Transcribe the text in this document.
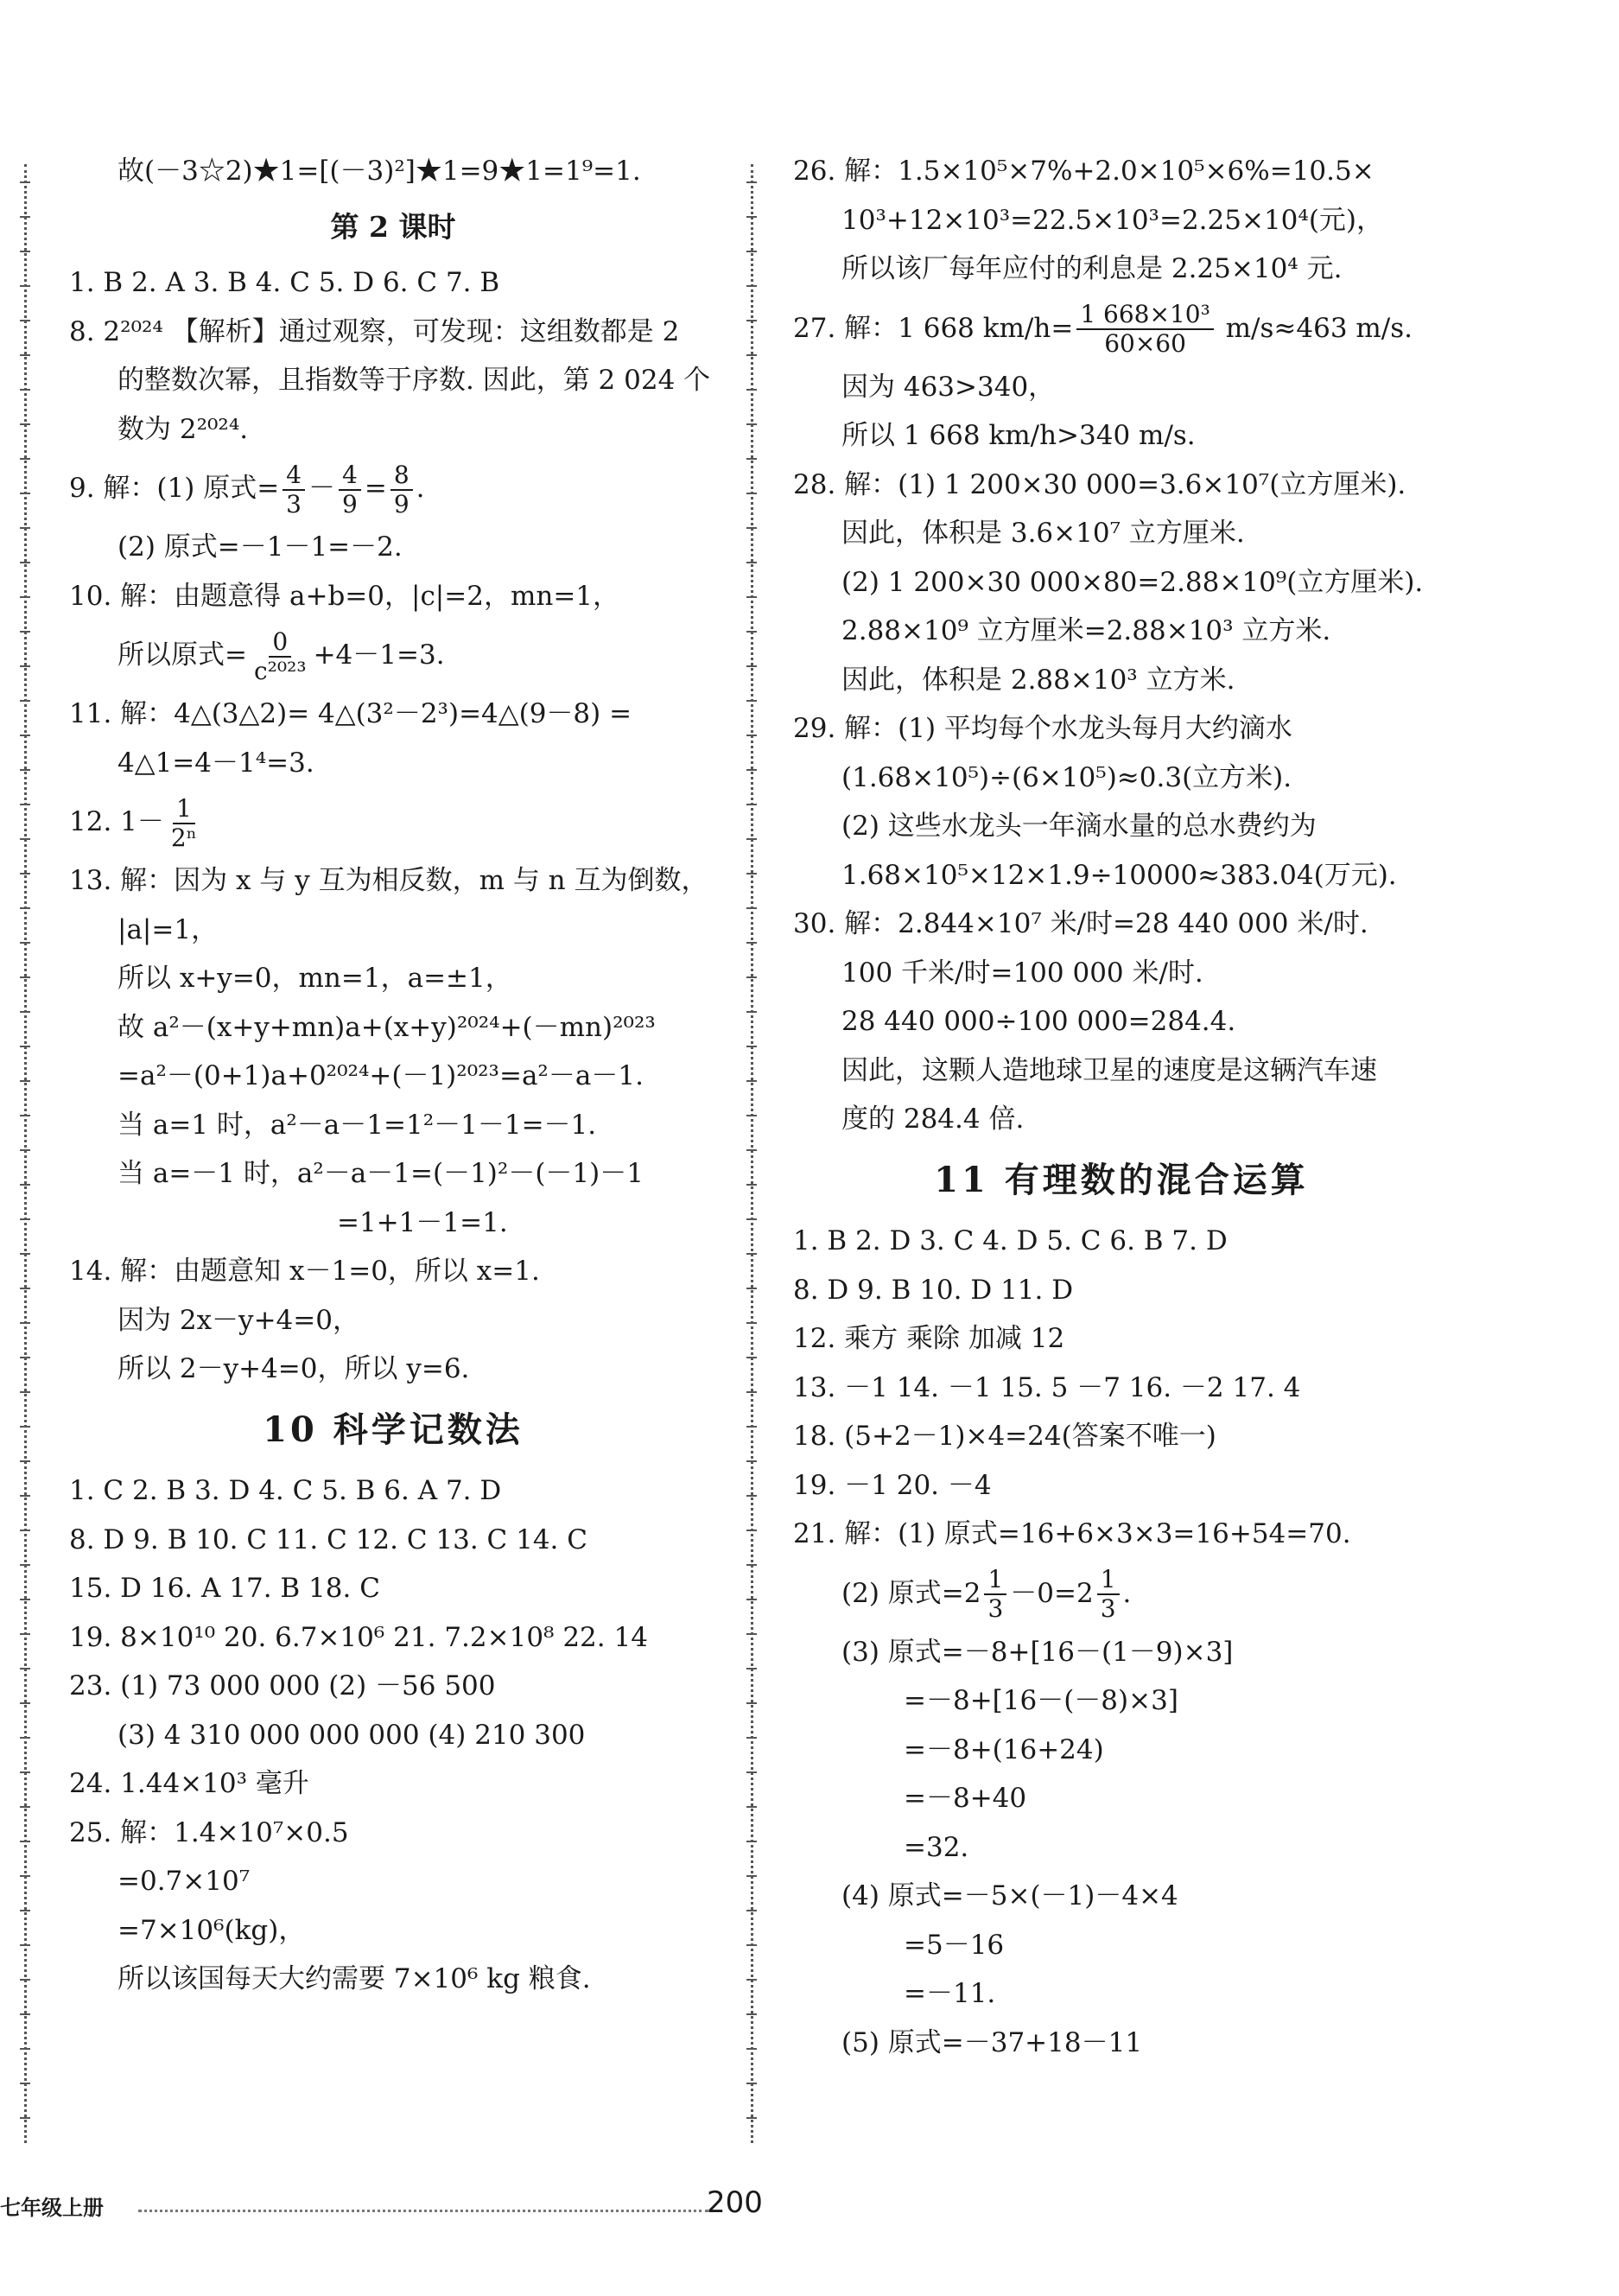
故(－3☆2)★1=[(－3)²]★1=9★1=1⁹=1.
第 2 课时
1. B 2. A 3. B 4. C 5. D 6. C 7. B
8. 2²⁰²⁴ 【解析】通过观察，可发现：这组数都是 2
的整数次幂，且指数等于序数. 因此，第 2 024 个
数为 2²⁰²⁴.
9. 解：(1) 原式= $\frac{4}{3} - \frac{4}{9} = \frac{8}{9}$ .
(2) 原式=－1－1=－2.
10. 解：由题意得 a+b=0，|c|=2，mn=1，
所以原式= $\frac{0}{\text{c²⁰²³}} +4-1=3$.
11. 解：4△(3△2)= 4△(3²－2³)=4△(9－8) =
4△1=4－1⁴=3.
12. $1- \frac{1}{\text{2ⁿ}}$
13. 解：因为 x 与 y 互为相反数，m 与 n 互为倒数，
|a|=1，
所以 x+y=0，mn=1，a=±1，
故 a²－(x+y+mn)a+(x+y)²⁰²⁴+(－mn)²⁰²³
=a²－(0+1)a+0²⁰²⁴+(－1)²⁰²³=a²－a－1.
当 a=1 时，a²－a－1=1²－1－1=－1.
当 a=－1 时，a²－a－1=(－1)²－(－1)－1
=1+1－1=1.
14. 解：由题意知 x－1=0，所以 x=1.
因为 2x－y+4=0，
所以 2－y+4=0，所以 y=6.
10 科学记数法
1. C 2. B 3. D 4. C 5. B 6. A 7. D
8. D 9. B 10. C 11. C 12. C 13. C 14. C
15. D 16. A 17. B 18. C
19. 8×10¹⁰ 20. 6.7×10⁶ 21. 7.2×10⁸ 22. 14
23. (1) 73 000 000 (2) －56 500
(3) 4 310 000 000 000 (4) 210 300
24. 1.44×10³ 毫升
25. 解：1.4×10⁷×0.5
=0.7×10⁷
=7×10⁶(kg)，
所以该国每天大约需要 7×10⁶ kg 粮食.
26. 解：1.5×10⁵×7%+2.0×10⁵×6%=10.5×
10³+12×10³=22.5×10³=2.25×10⁴(元)，
所以该厂每年应付的利息是 2.25×10⁴ 元.
27. 解：1 668 $km/h= \frac{\text{1 668×10³}}{60\times 60} m/s\approx 463$ m/s.
因为 463>340，
所以 1 668 km/h>340 m/s.
28. 解：(1) 1 200×30 000=3.6×10⁷(立方厘米).
因此，体积是 3.6×10⁷ 立方厘米.
(2) 1 200×30 000×80=2.88×10⁹(立方厘米).
2.88×10⁹ 立方厘米=2.88×10³ 立方米.
因此，体积是 2.88×10³ 立方米.
29. 解：(1) 平均每个水龙头每月大约滴水
(1.68×10⁵)÷(6×10⁵)≈0.3(立方米).
(2) 这些水龙头一年滴水量的总水费约为
1.68×10⁵×12×1.9÷10000≈383.04(万元).
30. 解：2.844×10⁷ 米/时=28 440 000 米/时.
100 千米/时=100 000 米/时.
28 440 000÷100 000=284.4.
因此，这颗人造地球卫星的速度是这辆汽车速
度的 284.4 倍.
11 有理数的混合运算
1. B 2. D 3. C 4. D 5. C 6. B 7. D
8. D 9. B 10. D 11. D
12. 乘方 乘除 加减 12
13. －1 14. －1 15. 5 －7 16. －2 17. 4
18. (5+2－1)×4=24(答案不唯一)
19. －1 20. －4
21. 解：(1) 原式=16+6×3×3=16+54=70.
(2) 原式$=2 \frac{1}{3} -0=2 \frac{1}{3}$ .
(3) 原式=－8+[16－(1－9)×3]
=－8+[16－(－8)×3]
=－8+(16+24)
=－8+40
=32.
(4) 原式=－5×(－1)－4×4
=5－16
=－11.
(5) 原式=－37+18－11
七年级上册	200
